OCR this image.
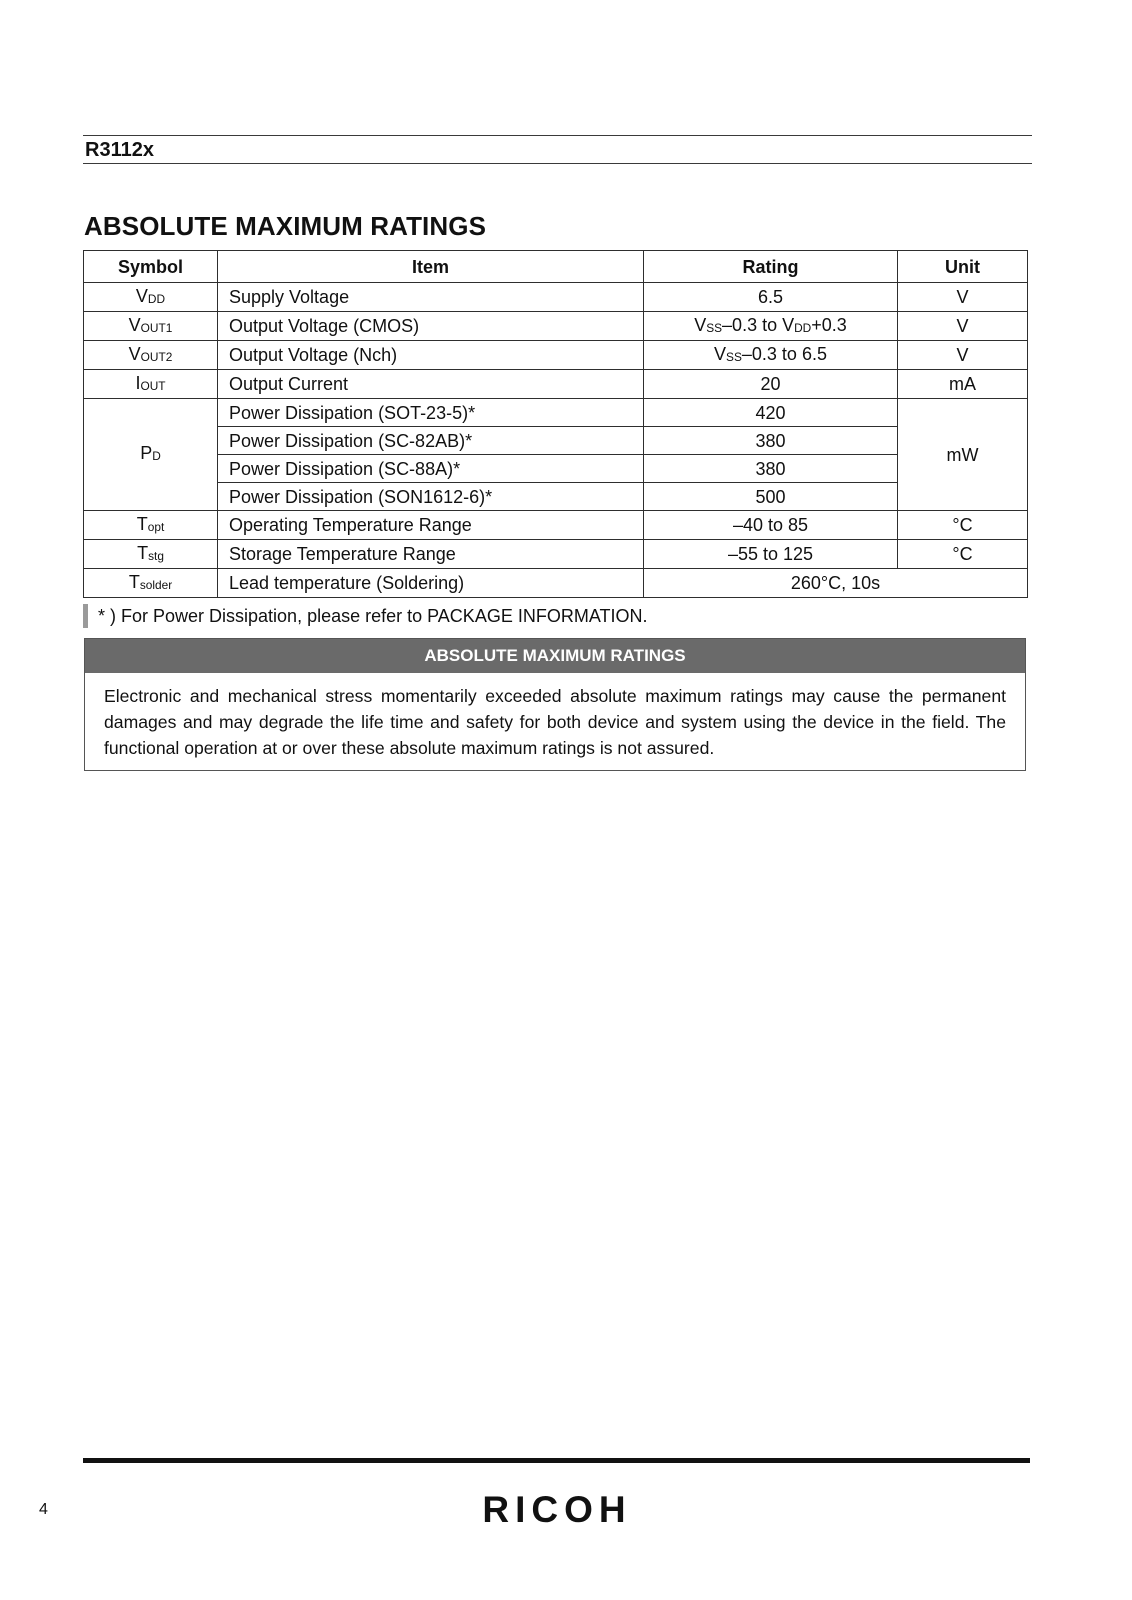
R3112x
ABSOLUTE MAXIMUM RATINGS
Symbol	Item	Rating	Unit
VDD	Supply Voltage	6.5	V
VOUT1	Output Voltage (CMOS)	VSS–0.3 to VDD+0.3	V
VOUT2	Output Voltage (Nch)	VSS–0.3 to 6.5	V
IOUT	Output Current	20	mA
PD	Power Dissipation (SOT-23-5)*	420	mW
	Power Dissipation (SC-82AB)*	380	
	Power Dissipation (SC-88A)*	380	
	Power Dissipation (SON1612-6)*	500	
Topt	Operating Temperature Range	–40 to 85	°C
Tstg	Storage Temperature Range	–55 to 125	°C
Tsolder	Lead temperature (Soldering)	260°C, 10s	
* ) For Power Dissipation, please refer to PACKAGE INFORMATION.
ABSOLUTE MAXIMUM RATINGS
Electronic and mechanical stress momentarily exceeded absolute maximum ratings may cause the permanent damages and may degrade the life time and safety for both device and system using the device in the field. The functional operation at or over these absolute maximum ratings is not assured.
4	RICOH
